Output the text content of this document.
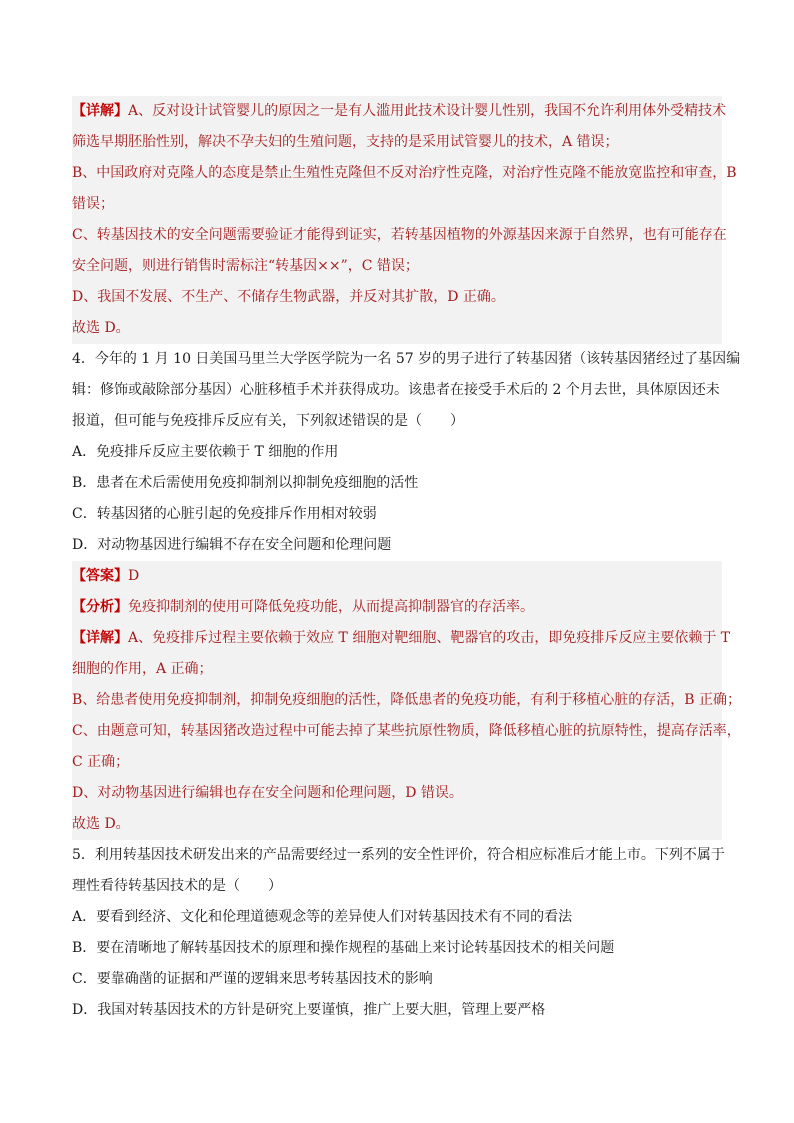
【详解】A、反对设计试管婴儿的原因之一是有人滥用此技术设计婴儿性别，我国不允许利用体外受精技术
筛选早期胚胎性别，解决不孕夫妇的生殖问题，支持的是采用试管婴儿的技术，A 错误；
B、中国政府对克隆人的态度是禁止生殖性克隆但不反对治疗性克隆，对治疗性克隆不能放宽监控和审查，B
错误；
C、转基因技术的安全问题需要验证才能得到证实，若转基因植物的外源基因来源于自然界，也有可能存在
安全问题，则进行销售时需标注“转基因××”，C 错误；
D、我国不发展、不生产、不储存生物武器，并反对其扩散，D 正确。
故选 D。
4．今年的 1 月 10 日美国马里兰大学医学院为一名 57 岁的男子进行了转基因猪（该转基因猪经过了基因编
辑：修饰或敲除部分基因）心脏移植手术并获得成功。该患者在接受手术后的 2 个月去世，具体原因还未
报道，但可能与免疫排斥反应有关，下列叙述错误的是（　　）
A．免疫排斥反应主要依赖于 T 细胞的作用
B．患者在术后需使用免疫抑制剂以抑制免疫细胞的活性
C．转基因猪的心脏引起的免疫排斥作用相对较弱
D．对动物基因进行编辑不存在安全问题和伦理问题
【答案】D
【分析】免疫抑制剂的使用可降低免疫功能，从而提高抑制器官的存活率。
【详解】A、免疫排斥过程主要依赖于效应 T 细胞对靶细胞、靶器官的攻击，即免疫排斥反应主要依赖于 T
细胞的作用，A 正确；
B、给患者使用免疫抑制剂，抑制免疫细胞的活性，降低患者的免疫功能，有利于移植心脏的存活，B 正确；
C、由题意可知，转基因猪改造过程中可能去掉了某些抗原性物质，降低移植心脏的抗原特性，提高存活率，
C 正确；
D、对动物基因进行编辑也存在安全问题和伦理问题，D 错误。
故选 D。
5．利用转基因技术研发出来的产品需要经过一系列的安全性评价，符合相应标准后才能上市。下列不属于
理性看待转基因技术的是（　　）
A．要看到经济、文化和伦理道德观念等的差异使人们对转基因技术有不同的看法
B．要在清晰地了解转基因技术的原理和操作规程的基础上来讨论转基因技术的相关问题
C．要靠确凿的证据和严谨的逻辑来思考转基因技术的影响
D．我国对转基因技术的方针是研究上要谨慎，推广上要大胆，管理上要严格
